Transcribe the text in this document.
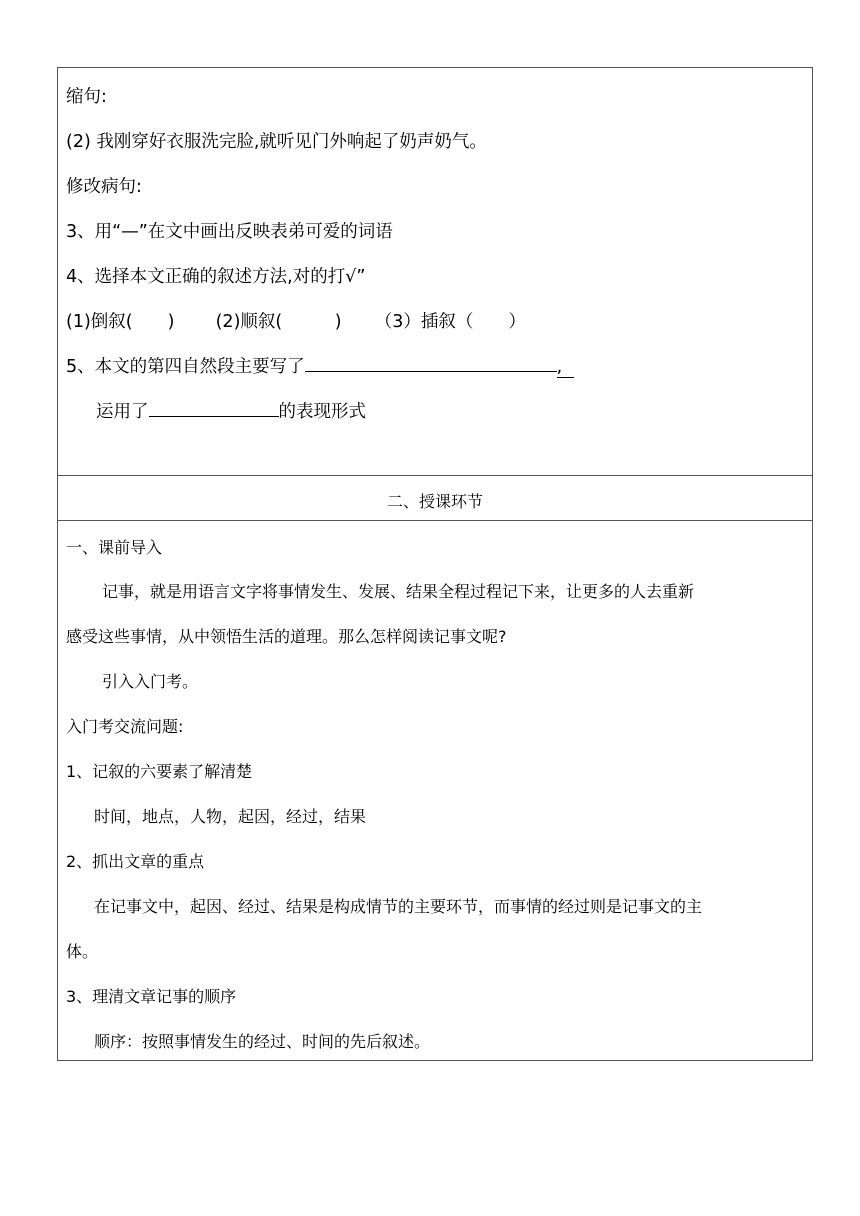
缩句:
(2) 我刚穿好衣服洗完脸,就听见门外响起了奶声奶气。
修改病句:
3、用“—”在文中画出反映表弟可爱的词语
4、选择本文正确的叙述方法,对的打√”
(1)倒叙(　　) (2)顺叙(　　　) （3）插叙（　　）
5、本文的第四自然段主要写了	,
运用了	的表现形式
二、授课环节
一、课前导入
记事，就是用语言文字将事情发生、发展、结果全程过程记下来，让更多的人去重新
感受这些事情，从中领悟生活的道理。那么怎样阅读记事文呢?
引入入门考。
入门考交流问题:
1、记叙的六要素了解清楚
时间，地点，人物，起因，经过，结果
2、抓出文章的重点
在记事文中，起因、经过、结果是构成情节的主要环节，而事情的经过则是记事文的主
体。
3、理清文章记事的顺序
顺序：按照事情发生的经过、时间的先后叙述。
